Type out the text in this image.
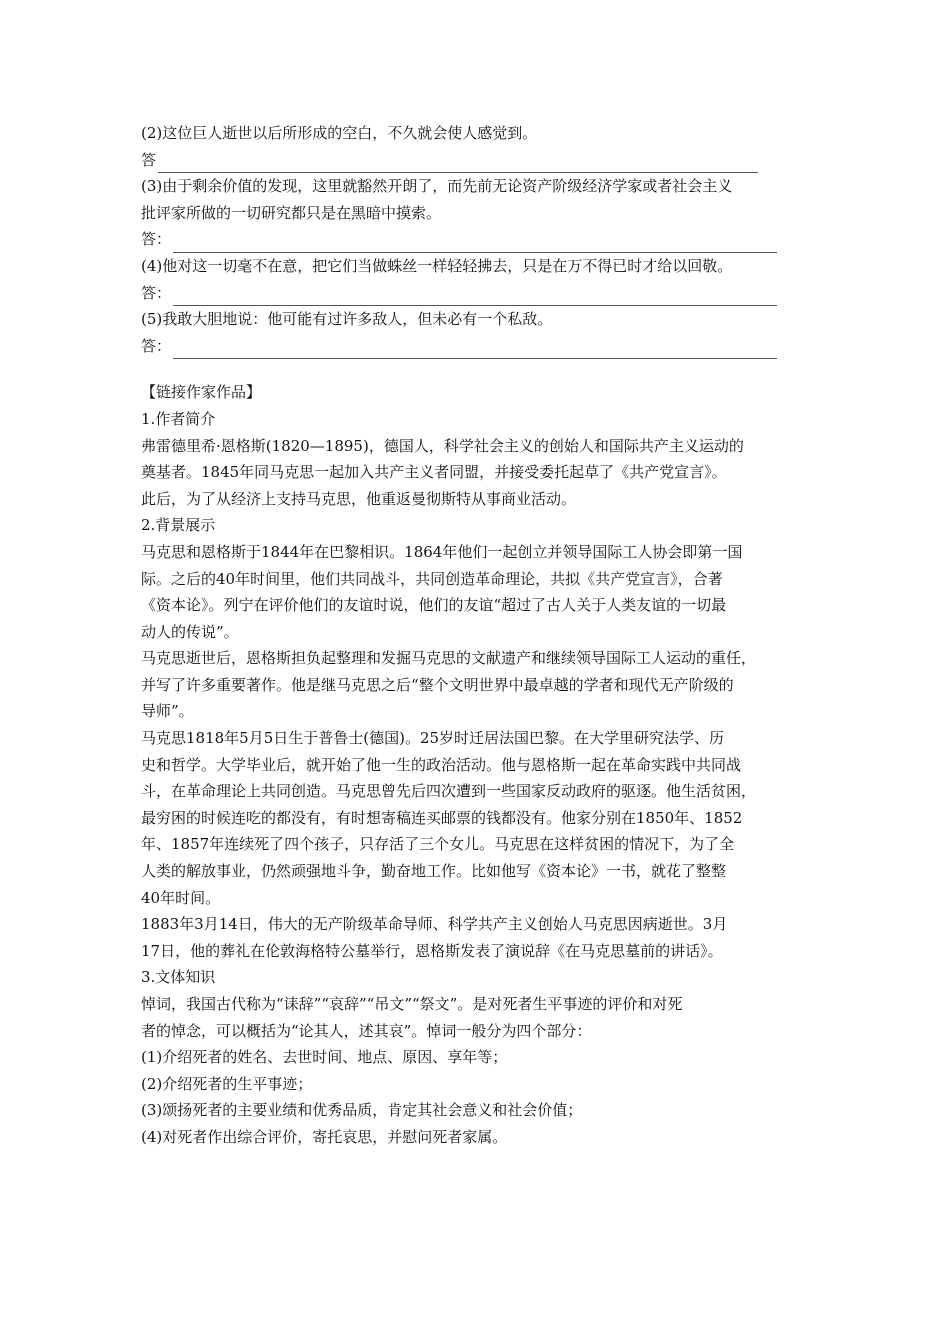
(2)这位巨人逝世以后所形成的空白，不久就会使人感觉到。
答
(3)由于剩余价值的发现，这里就豁然开朗了，而先前无论资产阶级经济学家或者社会主义
批评家所做的一切研究都只是在黑暗中摸索。
答：
(4)他对这一切毫不在意，把它们当做蛛丝一样轻轻拂去，只是在万不得已时才给以回敬。
答：
(5)我敢大胆地说：他可能有过许多敌人，但未必有一个私敌。
答：
【链接作家作品】
1.作者简介
弗雷德里希·恩格斯(1820—1895)，德国人，科学社会主义的创始人和国际共产主义运动的
奠基者。1845年同马克思一起加入共产主义者同盟，并接受委托起草了《共产党宣言》。
此后，为了从经济上支持马克思，他重返曼彻斯特从事商业活动。
2.背景展示
马克思和恩格斯于1844年在巴黎相识。1864年他们一起创立并领导国际工人协会即第一国
际。之后的40年时间里，他们共同战斗，共同创造革命理论，共拟《共产党宣言》，合著
《资本论》。列宁在评价他们的友谊时说，他们的友谊“超过了古人关于人类友谊的一切最
动人的传说”。
马克思逝世后，恩格斯担负起整理和发掘马克思的文献遗产和继续领导国际工人运动的重任，
并写了许多重要著作。他是继马克思之后“整个文明世界中最卓越的学者和现代无产阶级的
导师”。
马克思1818年5月5日生于普鲁士(德国)。25岁时迁居法国巴黎。在大学里研究法学、历
史和哲学。大学毕业后，就开始了他一生的政治活动。他与恩格斯一起在革命实践中共同战
斗，在革命理论上共同创造。马克思曾先后四次遭到一些国家反动政府的驱逐。他生活贫困，
最穷困的时候连吃的都没有，有时想寄稿连买邮票的钱都没有。他家分别在1850年、1852
年、1857年连续死了四个孩子，只存活了三个女儿。马克思在这样贫困的情况下，为了全
人类的解放事业，仍然顽强地斗争，勤奋地工作。比如他写《资本论》一书，就花了整整
40年时间。
1883年3月14日，伟大的无产阶级革命导师、科学共产主义创始人马克思因病逝世。3月
17日，他的葬礼在伦敦海格特公墓举行，恩格斯发表了演说辞《在马克思墓前的讲话》。
3.文体知识
悼词，我国古代称为“诔辞”“哀辞”“吊文”“祭文”。是对死者生平事迹的评价和对死
者的悼念，可以概括为“论其人，述其哀”。悼词一般分为四个部分：
(1)介绍死者的姓名、去世时间、地点、原因、享年等；
(2)介绍死者的生平事迹；
(3)颂扬死者的主要业绩和优秀品质，肯定其社会意义和社会价值；
(4)对死者作出综合评价，寄托哀思，并慰问死者家属。
